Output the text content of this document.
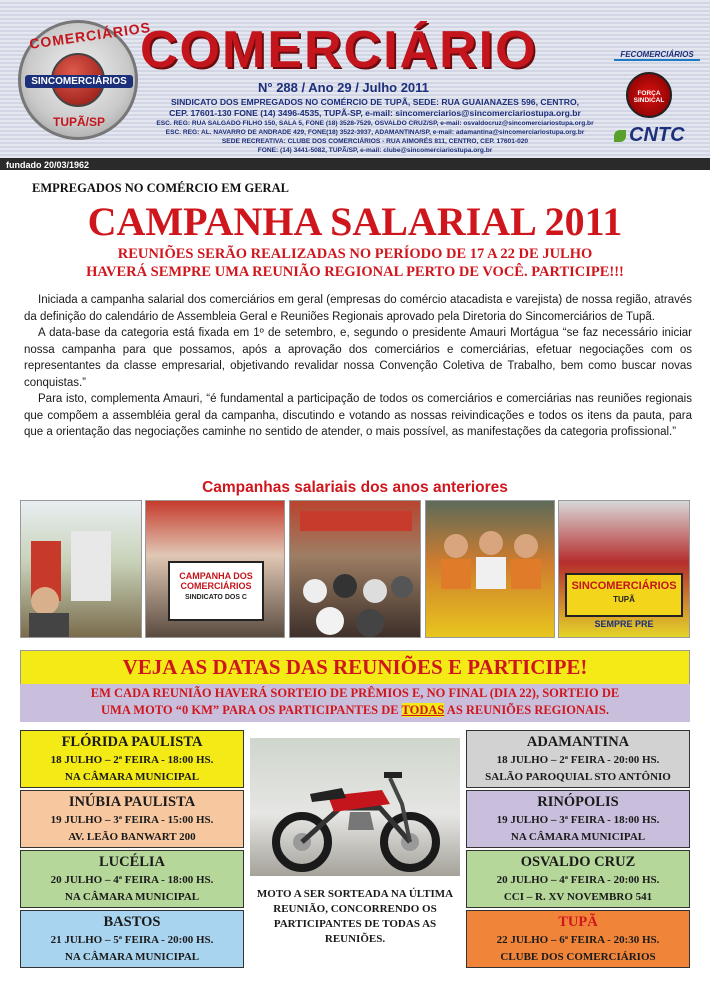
COMERCIÁRIOS
SINCOMERCIÁRIOS
TUPÃ/SP
COMERCIÁRIO
N° 288 / Ano 29 / Julho 2011
SINDICATO DOS EMPREGADOS NO COMÉRCIO DE TUPÃ, SEDE: RUA GUAIANAZES 596, CENTRO,
CEP. 17601-130 FONE (14) 3496-4535, TUPÃ-SP, e-mail: sincomerciarios@sincomerciariostupa.org.br
ESC. REG: RUA SALGADO FILHO 150, SALA 5, FONE (18) 3528-7529, OSVALDO CRUZ/SP, e-mail: osvaldocruz@sincomerciariostupa.org.br
ESC. REG: AL. NAVARRO DE ANDRADE 429, FONE(18) 3522-3937, ADAMANTINA/SP, e-mail: adamantina@sincomerciariostupa.org.br
SEDE RECREATIVA: CLUBE DOS COMERCIÁRIOS - RUA AIMORÉS 811, CENTRO, CEP. 17601-020
FONE: (14) 3441-5082, TUPÃ/SP, e-mail: clube@sincomerciariostupa.org.br
FECOMERCIÁRIOS
FORÇA SINDICAL
CNTC
fundado 20/03/1962
EMPREGADOS NO COMÉRCIO EM GERAL
CAMPANHA SALARIAL 2011
REUNIÕES SERÃO REALIZADAS NO PERÍODO DE 17 A 22 DE JULHO
HAVERÁ SEMPRE UMA REUNIÃO REGIONAL PERTO DE VOCÊ. PARTICIPE!!!

Iniciada a campanha salarial dos comerciários em geral (empresas do comércio atacadista e varejista) de nossa região, através da definição do calendário de Assembleia Geral e Reuniões Regionais aprovado pela Diretoria do Sincomerciários de Tupã.

A data-base da categoria está fixada em 1º de setembro, e, segundo o presidente Amauri Mortágua “se faz necessário iniciar nossa campanha para que possamos, após a aprovação dos comerciários e comerciárias, efetuar negociações com os representantes da classe empresarial, objetivando revalidar nossa Convenção Coletiva de Trabalho, bem como buscar novas conquistas.”

Para isto, complementa Amauri, “é fundamental a participação de todos os comerciários e comerciárias nas reuniões regionais que compõem a assembléia geral da campanha, discutindo e votando as nossas reivindicações e todos os itens da pauta, para que a orientação das negociações caminhe no sentido de atender, o mais possível, as manifestações da categoria profissional.”

Campanhas salariais dos anos anteriores
CAMPANHA DOS COMERCIÁRIOS
SINDICATO DOS C
SINCOMERCIÁRIOS
TUPÃ
SEMPRE PRE
VEJA AS DATAS DAS REUNIÕES E PARTICIPE!
EM CADA REUNIÃO HAVERÁ SORTEIO DE PRÊMIOS E, NO FINAL (DIA 22), SORTEIO DE
UMA MOTO “0 KM” PARA OS PARTICIPANTES DE TODAS AS REUNIÕES REGIONAIS.
FLÓRIDA PAULISTA
18 JULHO – 2ª FEIRA - 18:00 HS.
NA CÂMARA MUNICIPAL
INÚBIA PAULISTA
19 JULHO – 3ª FEIRA - 15:00 HS.
AV. LEÃO BANWART 200
LUCÉLIA
20 JULHO – 4ª FEIRA - 18:00 HS.
NA CÂMARA MUNICIPAL
BASTOS
21 JULHO – 5ª FEIRA - 20:00 HS.
NA CÂMARA MUNICIPAL
ADAMANTINA
18 JULHO – 2ª FEIRA - 20:00 HS.
SALÃO PAROQUIAL STO ANTÔNIO
RINÓPOLIS
19 JULHO – 3ª FEIRA - 18:00 HS.
NA CÂMARA MUNICIPAL
OSVALDO CRUZ
20 JULHO – 4ª FEIRA - 20:00 HS.
CCI – R. XV NOVEMBRO 541
TUPÃ
22 JULHO – 6ª FEIRA - 20:30 HS.
CLUBE DOS COMERCIÁRIOS
MOTO A SER SORTEADA NA ÚLTIMA REUNIÃO, CONCORRENDO OS PARTICIPANTES DE TODAS AS REUNIÕES.
